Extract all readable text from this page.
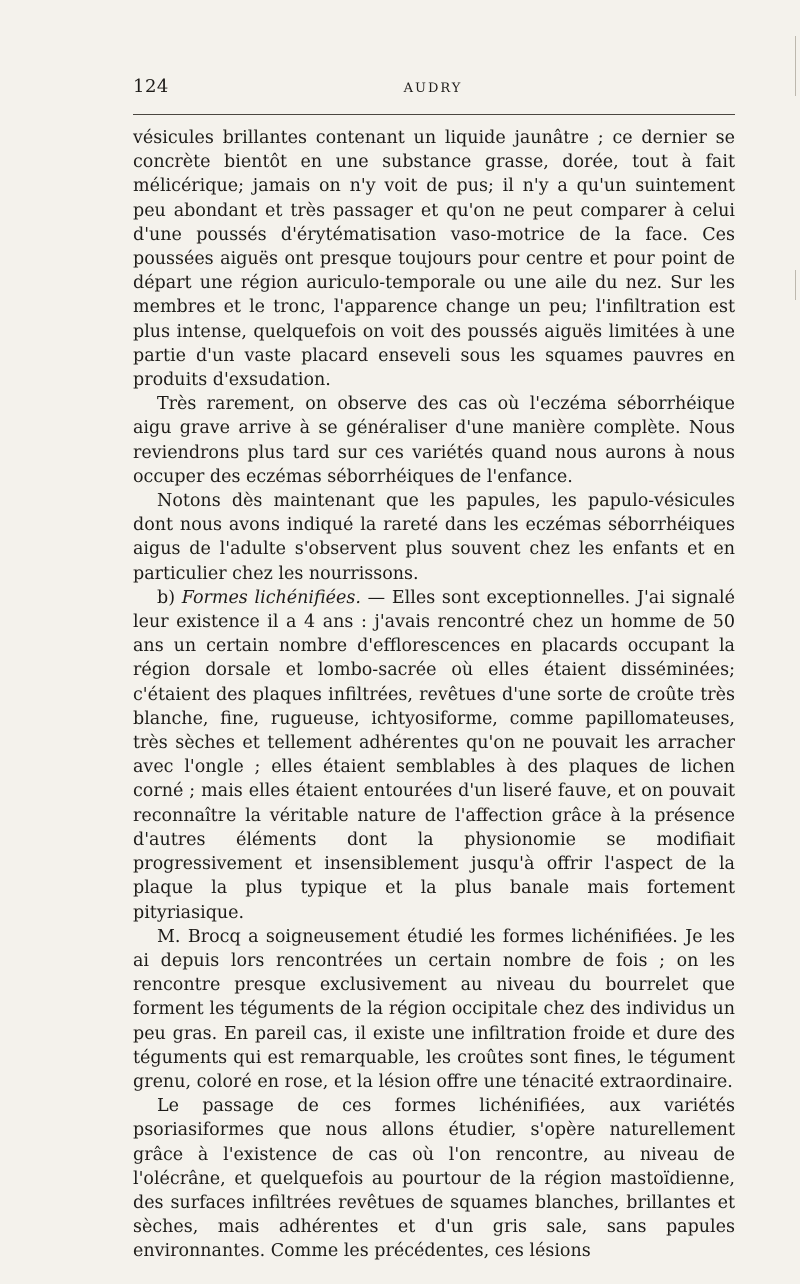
124	AUDRY

vésicules brillantes contenant un liquide jaunâtre ; ce dernier se concrète bientôt en une substance grasse, dorée, tout à fait mélicérique; jamais on n'y voit de pus; il n'y a qu'un suintement peu abondant et très passager et qu'on ne peut comparer à celui d'une poussés d'érytématisation vaso-motrice de la face. Ces poussées aiguës ont presque toujours pour centre et pour point de départ une région auriculo-temporale ou une aile du nez. Sur les membres et le tronc, l'apparence change un peu; l'infiltration est plus intense, quelquefois on voit des poussés aiguës limitées à une partie d'un vaste placard enseveli sous les squames pauvres en produits d'exsudation.

Très rarement, on observe des cas où l'eczéma séborrhéique aigu grave arrive à se généraliser d'une manière complète. Nous reviendrons plus tard sur ces variétés quand nous aurons à nous occuper des eczémas séborrhéiques de l'enfance.

Notons dès maintenant que les papules, les papulo-vésicules dont nous avons indiqué la rareté dans les eczémas séborrhéiques aigus de l'adulte s'observent plus souvent chez les enfants et en particulier chez les nourrissons.

b) Formes lichénifiées. — Elles sont exceptionnelles. J'ai signalé leur existence il a 4 ans : j'avais rencontré chez un homme de 50 ans un certain nombre d'efflorescences en placards occupant la région dorsale et lombo-sacrée où elles étaient disséminées; c'étaient des plaques infiltrées, revêtues d'une sorte de croûte très blanche, fine, rugueuse, ichtyosiforme, comme papillomateuses, très sèches et tellement adhérentes qu'on ne pouvait les arracher avec l'ongle ; elles étaient semblables à des plaques de lichen corné ; mais elles étaient entourées d'un liseré fauve, et on pouvait reconnaître la véritable nature de l'affection grâce à la présence d'autres éléments dont la physionomie se modifiait progressivement et insensiblement jusqu'à offrir l'aspect de la plaque la plus typique et la plus banale mais fortement pityriasique.

M. Brocq a soigneusement étudié les formes lichénifiées. Je les ai depuis lors rencontrées un certain nombre de fois ; on les rencontre presque exclusivement au niveau du bourrelet que forment les téguments de la région occipitale chez des individus un peu gras. En pareil cas, il existe une infiltration froide et dure des téguments qui est remarquable, les croûtes sont fines, le tégument grenu, coloré en rose, et la lésion offre une ténacité extraordinaire.

Le passage de ces formes lichénifiées, aux variétés psoriasiformes que nous allons étudier, s'opère naturellement grâce à l'existence de cas où l'on rencontre, au niveau de l'olécrâne, et quelquefois au pourtour de la région mastoïdienne, des surfaces infiltrées revêtues de squames blanches, brillantes et sèches, mais adhérentes et d'un gris sale, sans papules environnantes. Comme les précédentes, ces lésions
